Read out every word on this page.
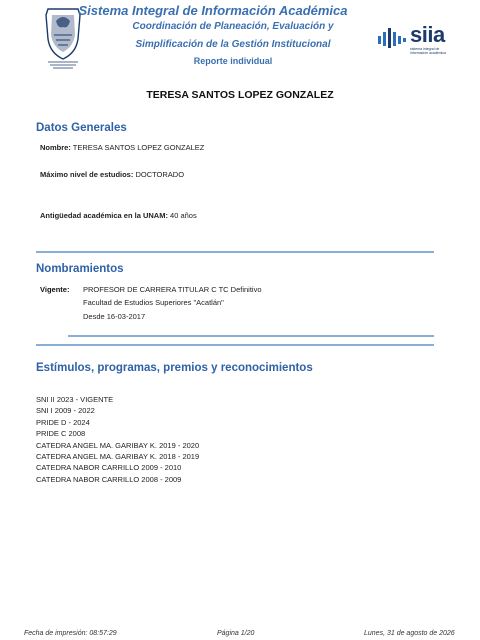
siia
sistema integral de información académica
Sistema Integral de Información Académica
Coordinación de Planeación, Evaluación y
Simplificación de la Gestión Institucional
Reporte individual
TERESA SANTOS LOPEZ GONZALEZ
Datos Generales
Nombre: TERESA SANTOS LOPEZ GONZALEZ
Máximo nivel de estudios: DOCTORADO
Antigüedad académica en la UNAM: 40 años
Nombramientos
Vigente: PROFESOR DE CARRERA TITULAR C TC Definitivo
Facultad de Estudios Superiores "Acatlán"
Desde 16-03-2017
Estímulos, programas, premios y reconocimientos
SNI II 2023 - VIGENTE
SNI I 2009 - 2022
PRIDE D - 2024
PRIDE C 2008
CATEDRA ANGEL MA. GARIBAY K. 2019 - 2020
CATEDRA ANGEL MA. GARIBAY K. 2018 - 2019
CATEDRA NABOR CARRILLO 2009 - 2010
CATEDRA NABOR CARRILLO 2008 - 2009
Fecha de impresión: 08:57:29	Página 1/20	Lunes, 31 de agosto de 2026
